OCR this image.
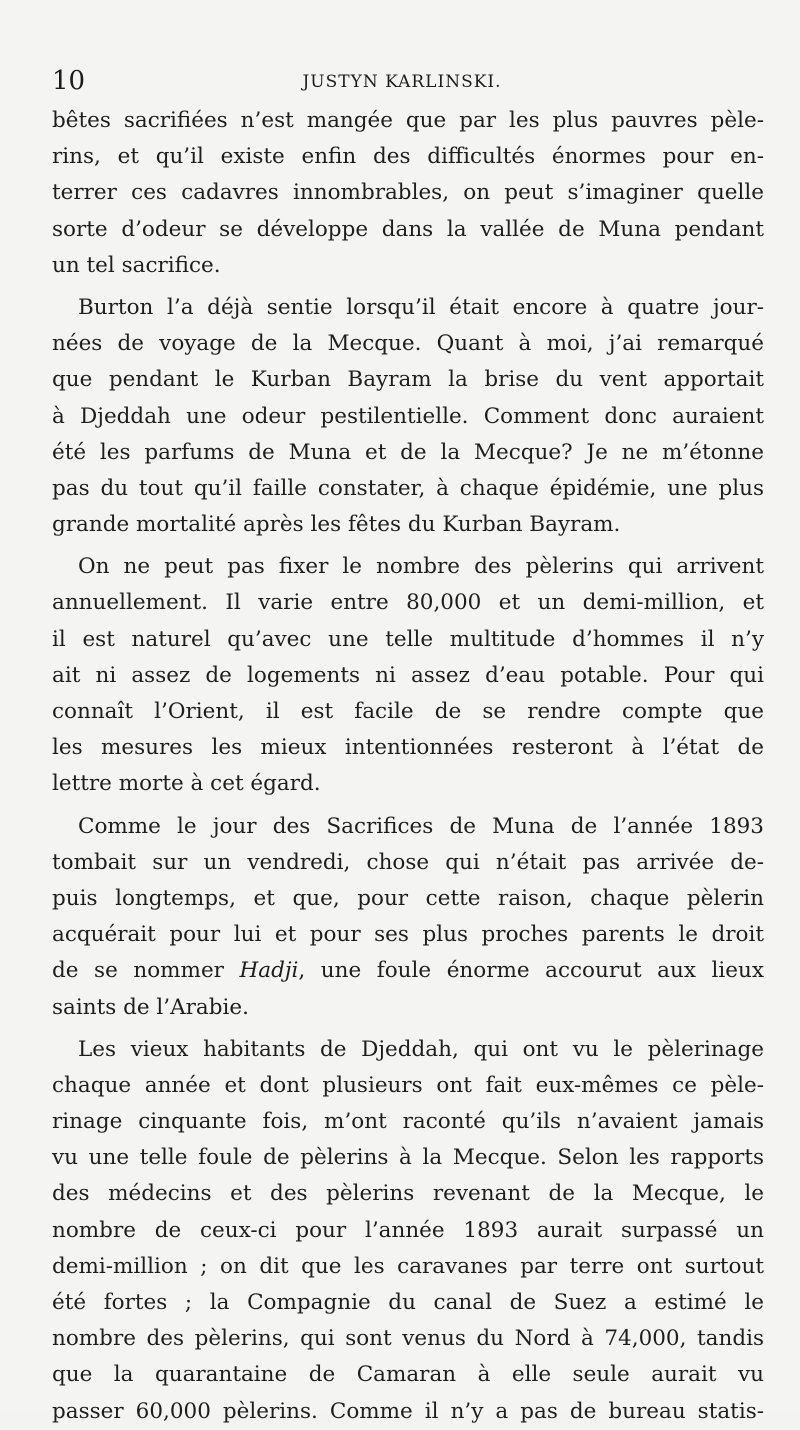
10	JUSTYN KARLINSKI.
bêtes sacrifiées n’est mangée que par les plus pauvres pèle-
rins, et qu’il existe enfin des difficultés énormes pour en-
terrer ces cadavres innombrables, on peut s’imaginer quelle
sorte d’odeur se développe dans la vallée de Muna pendant
un tel sacrifice.
Burton l’a déjà sentie lorsqu’il était encore à quatre jour-
nées de voyage de la Mecque. Quant à moi, j’ai remarqué
que pendant le Kurban Bayram la brise du vent apportait
à Djeddah une odeur pestilentielle. Comment donc auraient
été les parfums de Muna et de la Mecque? Je ne m’étonne
pas du tout qu’il faille constater, à chaque épidémie, une plus
grande mortalité après les fêtes du Kurban Bayram.
On ne peut pas fixer le nombre des pèlerins qui arrivent
annuellement. Il varie entre 80,000 et un demi-million, et
il est naturel qu’avec une telle multitude d’hommes il n’y
ait ni assez de logements ni assez d’eau potable. Pour qui
connaît l’Orient, il est facile de se rendre compte que
les mesures les mieux intentionnées resteront à l’état de
lettre morte à cet égard.
Comme le jour des Sacrifices de Muna de l’année 1893
tombait sur un vendredi, chose qui n’était pas arrivée de-
puis longtemps, et que, pour cette raison, chaque pèlerin
acquérait pour lui et pour ses plus proches parents le droit
de se nommer Hadji, une foule énorme accourut aux lieux
saints de l’Arabie.
Les vieux habitants de Djeddah, qui ont vu le pèlerinage
chaque année et dont plusieurs ont fait eux-mêmes ce pèle-
rinage cinquante fois, m’ont raconté qu’ils n’avaient jamais
vu une telle foule de pèlerins à la Mecque. Selon les rapports
des médecins et des pèlerins revenant de la Mecque, le
nombre de ceux-ci pour l’année 1893 aurait surpassé un
demi-million ; on dit que les caravanes par terre ont surtout
été fortes ; la Compagnie du canal de Suez a estimé le
nombre des pèlerins, qui sont venus du Nord à 74,000, tandis
que la quarantaine de Camaran à elle seule aurait vu
passer 60,000 pèlerins. Comme il n’y a pas de bureau statis-
